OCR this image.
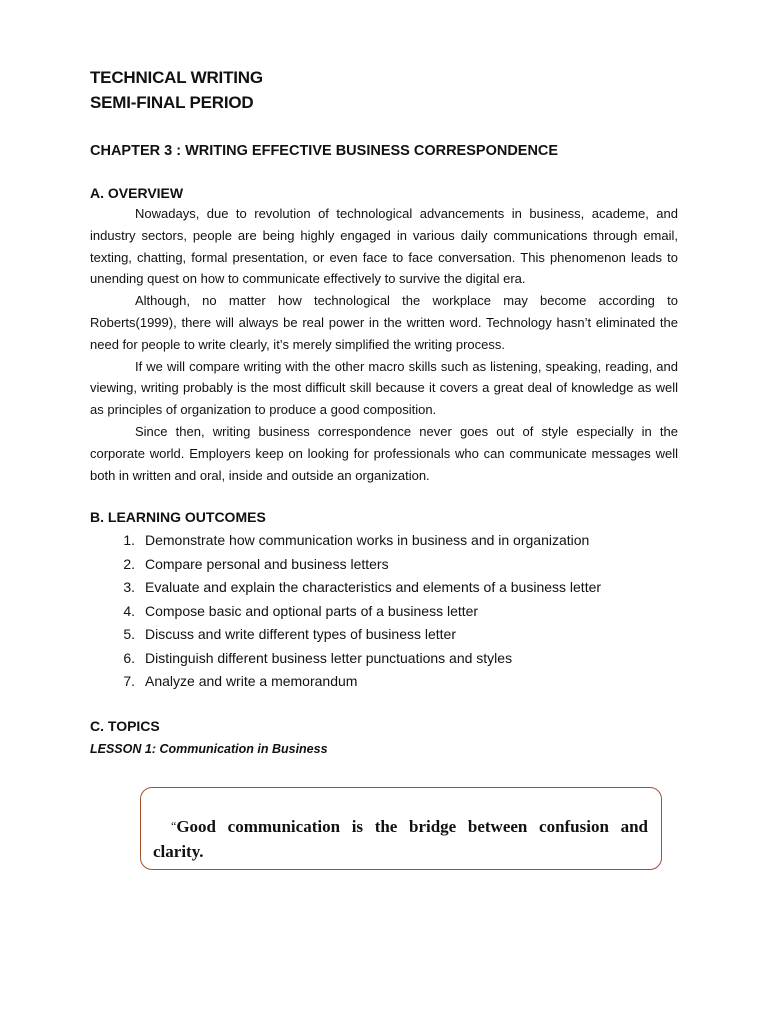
TECHNICAL WRITING
SEMI-FINAL PERIOD
CHAPTER 3 : WRITING EFFECTIVE BUSINESS CORRESPONDENCE
A. OVERVIEW

Nowadays, due to revolution of technological advancements in business, academe, and industry sectors, people are being highly engaged in various daily communications through email, texting, chatting, formal presentation, or even face to face conversation. This phenomenon leads to unending quest on how to communicate effectively to survive the digital era.

Although, no matter how technological the workplace may become according to Roberts(1999), there will always be real power in the written word. Technology hasn’t eliminated the need for people to write clearly, it’s merely simplified the writing process.

If we will compare writing with the other macro skills such as listening, speaking, reading, and viewing, writing probably is the most difficult skill because it covers a great deal of knowledge as well as principles of organization to produce a good composition.

Since then, writing business correspondence never goes out of style especially in the corporate world. Employers keep on looking for professionals who can communicate messages well both in written and oral, inside and outside an organization.

B. LEARNING OUTCOMES
1. Demonstrate how communication works in business and in organization
2. Compare personal and business letters
3. Evaluate and explain the characteristics and elements of a business letter
4. Compose basic and optional parts of a business letter
5. Discuss and write different types of business letter
6. Distinguish different business letter punctuations and styles
7. Analyze and write a memorandum
C. TOPICS
LESSON 1: Communication in Business

“Good communication is the bridge between confusion and clarity.
